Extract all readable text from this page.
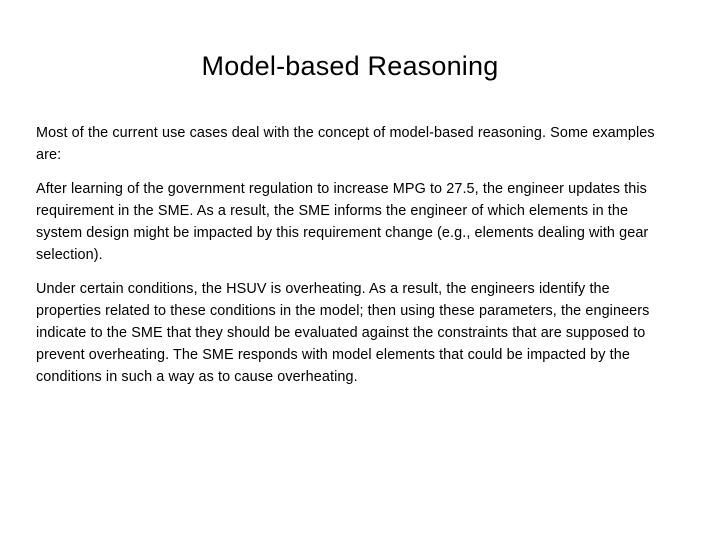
Model-based Reasoning

Most of the current use cases deal with the concept of model-based reasoning. Some examples are:

After learning of the government regulation to increase MPG to 27.5, the engineer updates this requirement in the SME. As a result, the SME informs the engineer of which elements in the system design might be impacted by this requirement change (e.g., elements dealing with gear selection).

Under certain conditions, the HSUV is overheating. As a result, the engineers identify the properties related to these conditions in the model; then using these parameters, the engineers indicate to the SME that they should be evaluated against the constraints that are supposed to prevent overheating. The SME responds with model elements that could be impacted by the conditions in such a way as to cause overheating.
